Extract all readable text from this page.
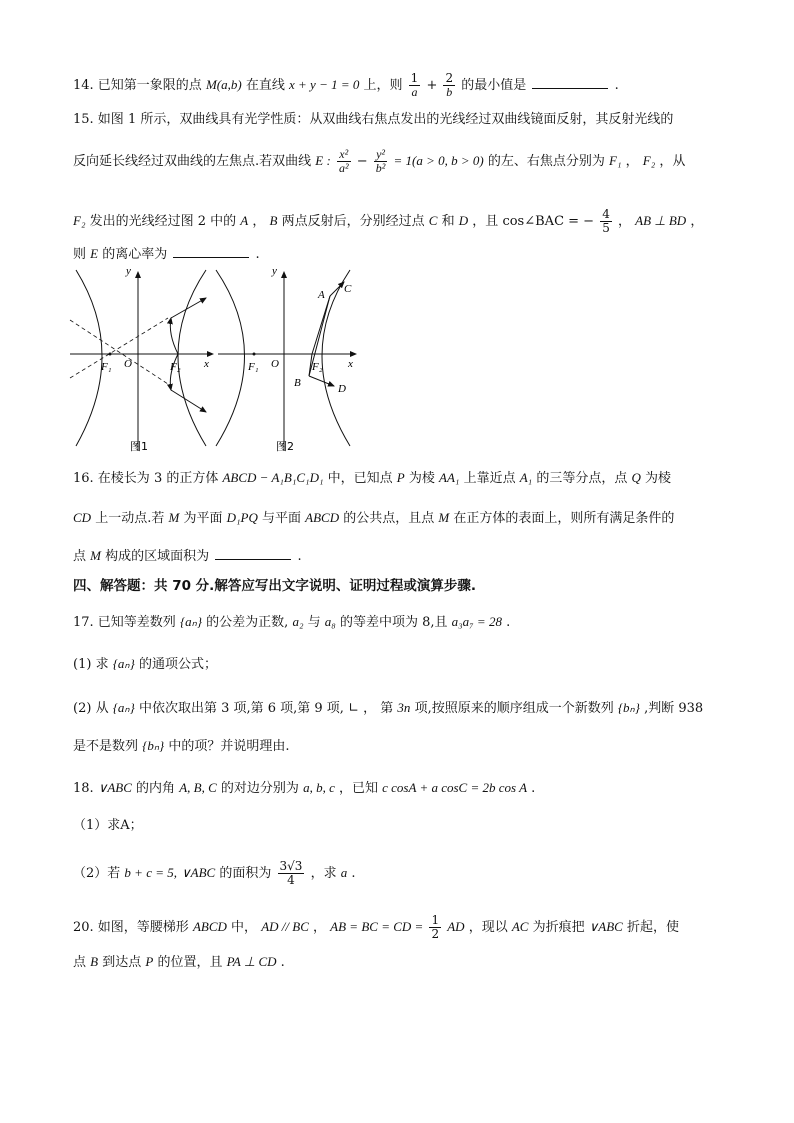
14. 已知第一象限的点 M(a,b) 在直线 x + y − 1 = 0 上，则 $\frac{1}{a} + \frac{2}{b}$ 的最小值是	.
15. 如图 1 所示，双曲线具有光学性质：从双曲线右焦点发出的光线经过双曲线镜面反射，其反射光线的
反向延长线经过双曲线的左焦点.若双曲线 E : $\frac{\text{x²}}{\text{a²}} - \frac{\text{y²}}{\text{b²}} = 1(a > 0$, b > 0) 的左、右焦点分别为 F₁ ， F₂ ，从
F₂ 发出的光线经过图 2 中的 A ， B 两点反射后，分别经过点 C 和 D ，且 cos∠BAC = − $\frac{4}{5}$ ， AB ⊥ BD ，
则 E 的离心率为	.
y
x
O
F₁	F₂
图1
y
x
O
F₁	F₂
A C
B	D
图2
16. 在棱长为 3 的正方体 ABCD − A₁B₁C₁D₁ 中，已知点 P 为棱 AA₁ 上靠近点 A₁ 的三等分点，点 Q 为棱
CD 上一动点.若 M 为平面 D₁PQ 与平面 ABCD 的公共点，且点 M 在正方体的表面上，则所有满足条件的
点 M 构成的区域面积为	.
四、解答题：共 70 分.解答应写出文字说明、证明过程或演算步骤.
17. 已知等差数列 {aₙ} 的公差为正数, a₂ 与 a₈ 的等差中项为 8,且 a₃a₇ = 28 .
(1) 求 {aₙ} 的通项公式；
(2) 从 {aₙ} 中依次取出第 3 项,第 6 项,第 9 项, ∟ ， 第 3n 项,按照原来的顺序组成一个新数列 {bₙ} ,判断 938
是不是数列 {bₙ} 中的项？并说明理由.
18. ∨ABC 的内角 A, B, C 的对边分别为 a, b, c ，已知 c cosA + a cosC = 2b cos A .
（1）求A；
（2）若 b + c = 5, ∨ABC 的面积为 $\frac{3√3}{4}$ ，求 a .
20. 如图，等腰梯形 ABCD 中， AD // BC ， AB = BC = CD = $\frac{1}{2}$ AD ，现以 AC 为折痕把 ∨ABC 折起，使
点 B 到达点 P 的位置，且 PA ⊥ CD .
